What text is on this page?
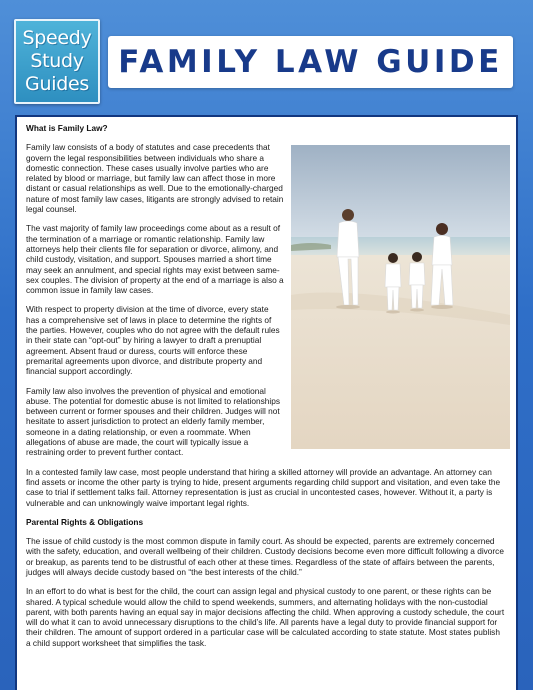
Speedy
Study
Guides
FAMILY LAW GUIDE
What is Family Law?

Family law consists of a body of statutes and case precedents that govern the legal responsibilities between individuals who share a domestic connection. These cases usually involve parties who are related by blood or marriage, but family law can affect those in more distant or casual relationships as well. Due to the emotionally-charged nature of most family law cases, litigants are strongly advised to retain legal counsel.

The vast majority of family law proceedings come about as a result of the termination of a marriage or romantic relationship. Family law attorneys help their clients file for separation or divorce, alimony, and child custody, visitation, and support. Spouses married a short time may seek an annulment, and special rights may exist between same-sex couples. The division of property at the end of a marriage is also a common issue in family law cases.

With respect to property division at the time of divorce, every state has a comprehensive set of laws in place to determine the rights of the parties. However, couples who do not agree with the default rules in their state can “opt-out” by hiring a lawyer to draft a prenuptial agreement. Absent fraud or duress, courts will enforce these premarital agreements upon divorce, and distribute property and financial support accordingly.

Family law also involves the prevention of physical and emotional abuse. The potential for domestic abuse is not limited to relationships between current or former spouses and their children. Judges will not hesitate to assert jurisdiction to protect an elderly family member, someone in a dating relationship, or even a roommate. When allegations of abuse are made, the court will typically issue a restraining order to prevent further contact.

In a contested family law case, most people understand that hiring a skilled attorney will provide an advantage. An attorney can find assets or income the other party is trying to hide, present arguments regarding child support and visitation, and even take the case to trial if settlement talks fail. Attorney representation is just as crucial in uncontested cases, however. Without it, a party is vulnerable and can unknowingly waive important legal rights.

Parental Rights & Obligations

The issue of child custody is the most common dispute in family court. As should be expected, parents are extremely concerned with the safety, education, and overall wellbeing of their children. Custody decisions become even more difficult following a divorce or breakup, as parents tend to be distrustful of each other at these times. Regardless of the state of affairs between the parents, judges will always decide custody based on “the best interests of the child.”

In an effort to do what is best for the child, the court can assign legal and physical custody to one parent, or these rights can be shared. A typical schedule would allow the child to spend weekends, summers, and alternating holidays with the non-custodial parent, with both parents having an equal say in major decisions affecting the child. When approving a custody schedule, the court will do what it can to avoid unnecessary disruptions to the child’s life. All parents have a legal duty to provide financial support for their children. The amount of support ordered in a particular case will be calculated according to state statute. Most states publish a child support worksheet that simplifies the task.
